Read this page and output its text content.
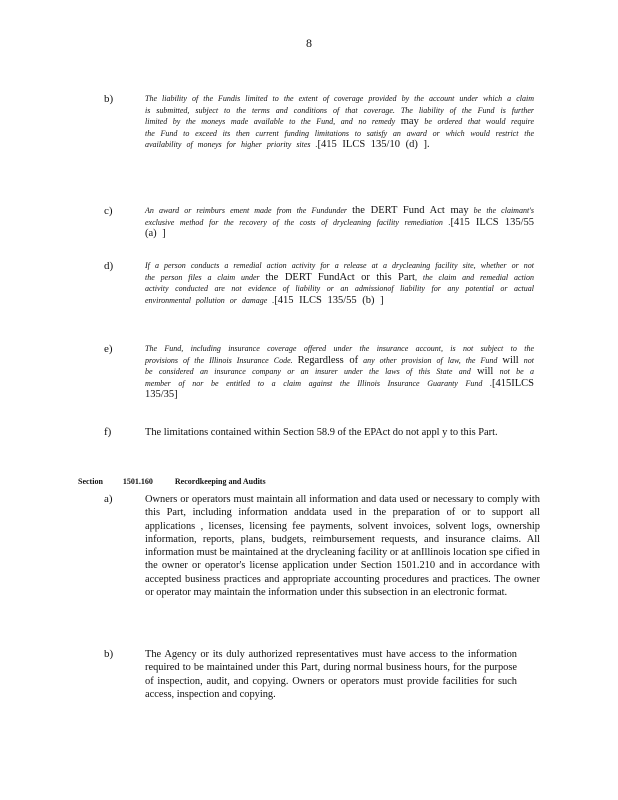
8
b)	The liability of the Fundis limited to the extent of coverage provided by the account under which a claim is submitted, subject to the terms and conditions of that coverage. The liability of the Fund is further limited by the moneys made available to the Fund, and no remedy may be ordered that would require the Fund to exceed its then current funding limitations to satisfy an award or which would restrict the availability of moneys for higher priority sites .[415 ILCS 135/10 (d) ].
c)	An award or reimburs ement made from the Fundunder the DERT Fund Act may be the claimant's exclusive method for the recovery of the costs of drycleaning facility remediation .[415 ILCS 135/55 (a) ]
d)	If a person conducts a remedial action activity for a release at a drycleaning facility site, whether or not the person files a claim under the DERT FundAct or this Part, the claim and remedial action activity conducted are not evidence of liability or an admissionof liability for any potential or actual environmental pollution or damage .[415 ILCS 135/55 (b) ]
e)	The Fund, including insurance coverage offered under the insurance account, is not subject to the provisions of the Illinois Insurance Code. Regardless of any other provision of law, the Fund will not be considered an insurance company or an insurer under the laws of this State and will not be a member of nor be entitled to a claim against the Illinois Insurance Guaranty Fund .[415ILCS 135/35]
f)	The limitations contained within Section 58.9 of the EPAct do not appl y to this Part.

Section	1501.160	Recordkeeping and Audits

a)	Owners or operators must maintain all information and data used or necessary to comply with this Part, including information anddata used in the preparation of or to support all applications , licenses, licensing fee payments, solvent invoices, solvent logs, ownership information, reports, plans, budgets, reimbursement requests, and insurance claims. All information must be maintained at the drycleaning facility or at anIllinois location spe cified in the owner or operator's license application under Section 1501.210 and in accordance with accepted business practices and appropriate accounting procedures and practices. The owner or operator may maintain the information under this subsection in an electronic format.
b)	The Agency or its duly authorized representatives must have access to the information required to be maintained under this Part, during normal business hours, for the purpose of inspection, audit, and copying. Owners or operators must provide facilities for such access, inspection and copying.
